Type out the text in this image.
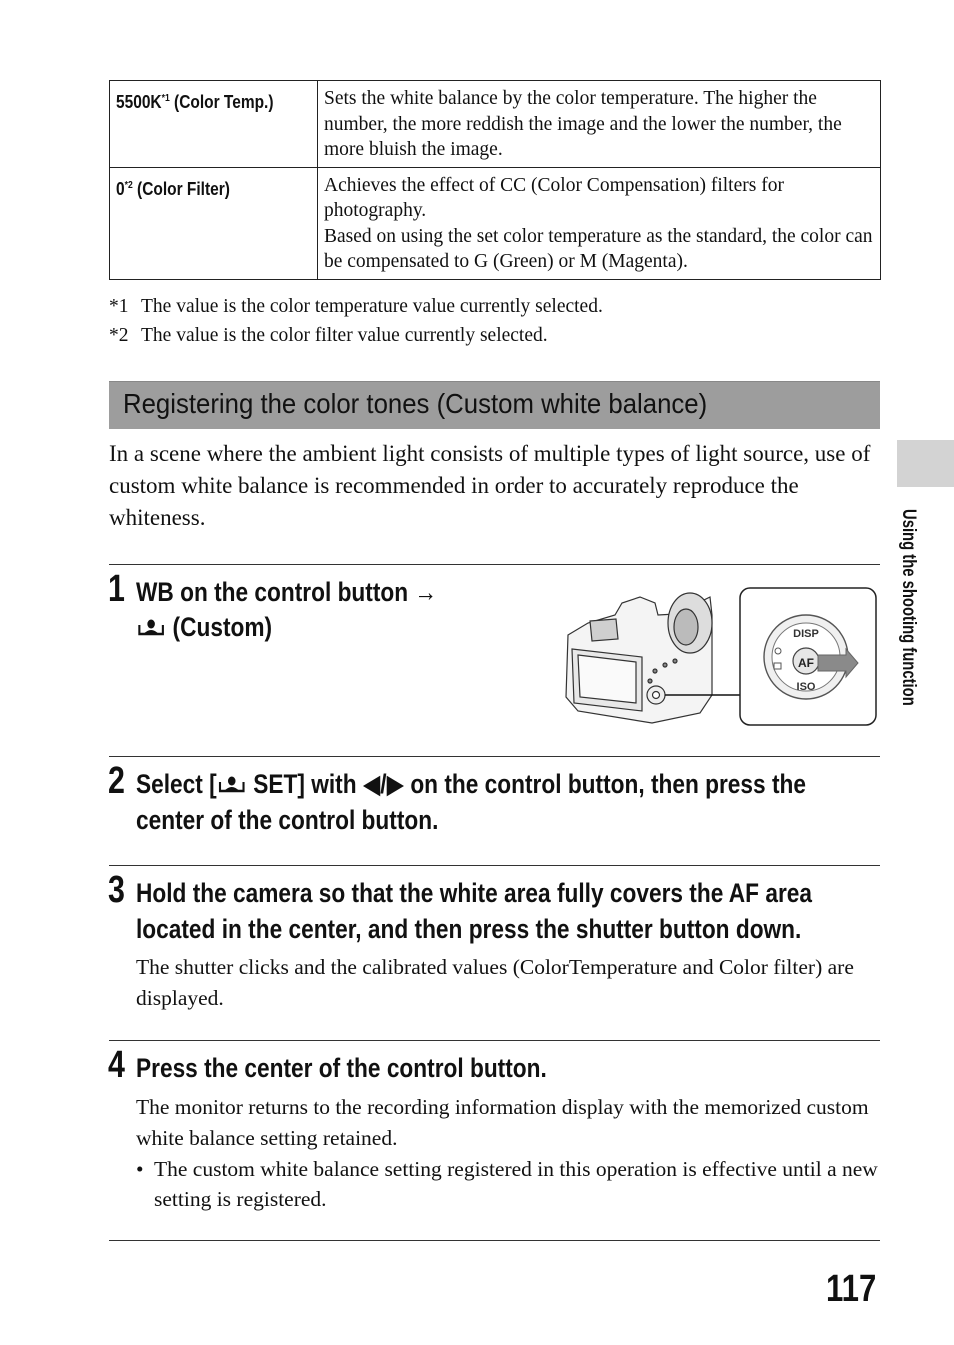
$5500K^{*1}$ (Color Temp.)	Sets the white balance by the color temperature. The higher the number, the more reddish the image and the lower the number, the more bluish the image.
0$^{*2}$ (Color Filter)	Achieves the effect of CC (Color Compensation) filters for photography.
Based on using the set color temperature as the standard, the color can be compensated to G (Green) or M (Magenta).
*1 The value is the color temperature value currently selected.
*2 The value is the color filter value currently selected.
Registering the color tones (Custom white balance)
In a scene where the ambient light consists of multiple types of light source, use of custom white balance is recommended in order to accurately reproduce the whiteness.	Using the shooting function
1 WB on the control button →
(Custom)
AF
DISP
ISO
2 Select [ SET] with ◀/▶ on the control button, then press the
center of the control button.
3 Hold the camera so that the white area fully covers the AF area
located in the center, and then press the shutter button down.
The shutter clicks and the calibrated values (ColorTemperature and Color filter) are displayed.
4 Press the center of the control button.
The monitor returns to the recording information display with the memorized custom white balance setting retained.
• The custom white balance setting registered in this operation is effective until a new setting is registered.
117
